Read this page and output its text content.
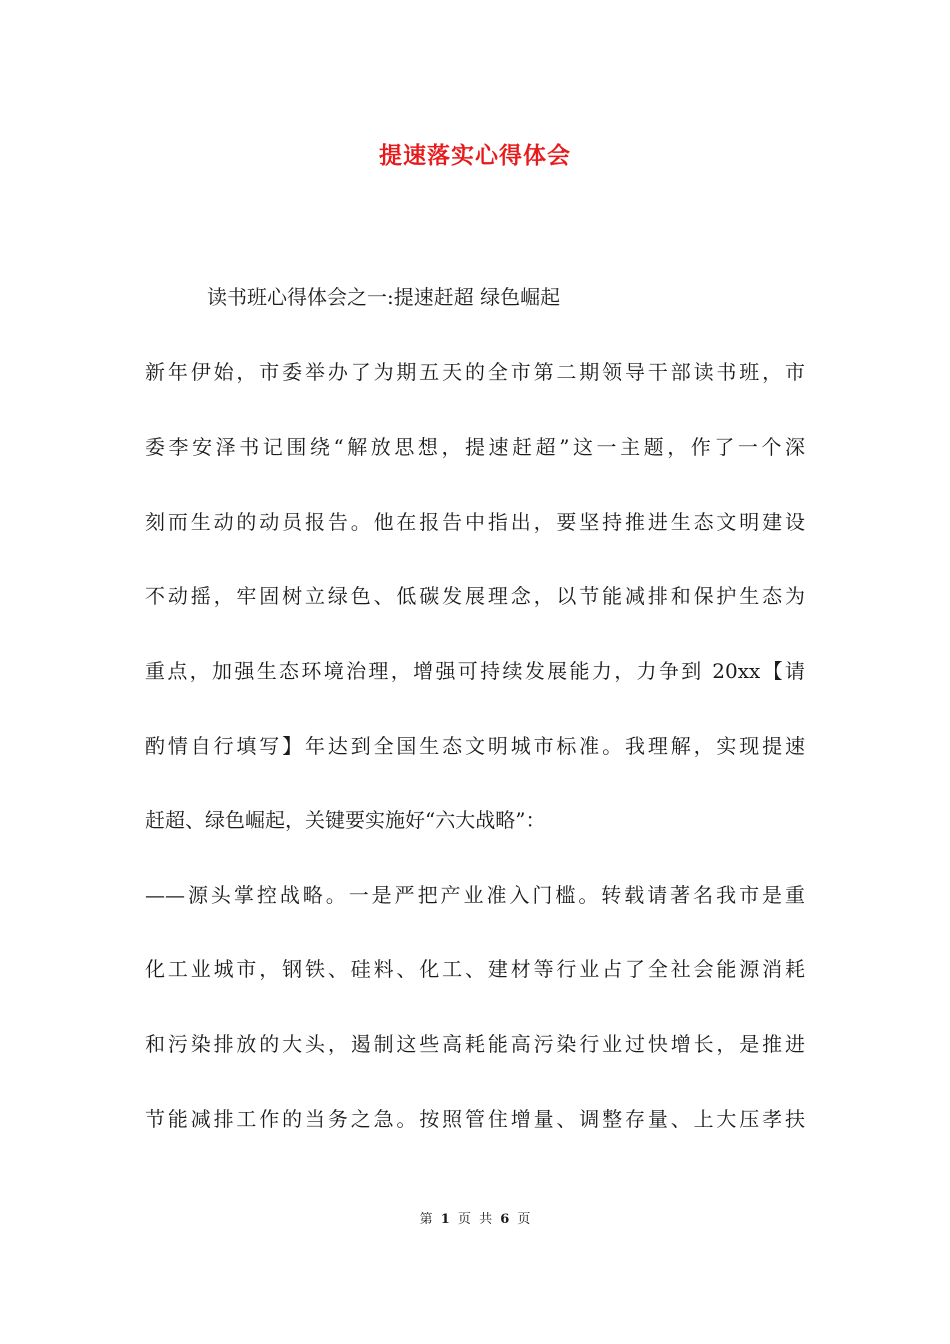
提速落实心得体会
读书班心得体会之一:提速赶超 绿色崛起
新年伊始，市委举办了为期五天的全市第二期领导干部读书班，市
委李安泽书记围绕“解放思想，提速赶超”这一主题，作了一个深
刻而生动的动员报告。他在报告中指出，要坚持推进生态文明建设
不动摇，牢固树立绿色、低碳发展理念，以节能减排和保护生态为
重点，加强生态环境治理，增强可持续发展能力，力争到 20xx【请
酌情自行填写】年达到全国生态文明城市标准。我理解，实现提速
赶超、绿色崛起，关键要实施好“六大战略”：
——源头掌控战略。一是严把产业准入门槛。转载请著名我市是重
化工业城市，钢铁、硅料、化工、建材等行业占了全社会能源消耗
和污染排放的大头，遏制这些高耗能高污染行业过快增长，是推进
节能减排工作的当务之急。按照管住增量、调整存量、上大压孝扶
第 1 页 共 6 页
